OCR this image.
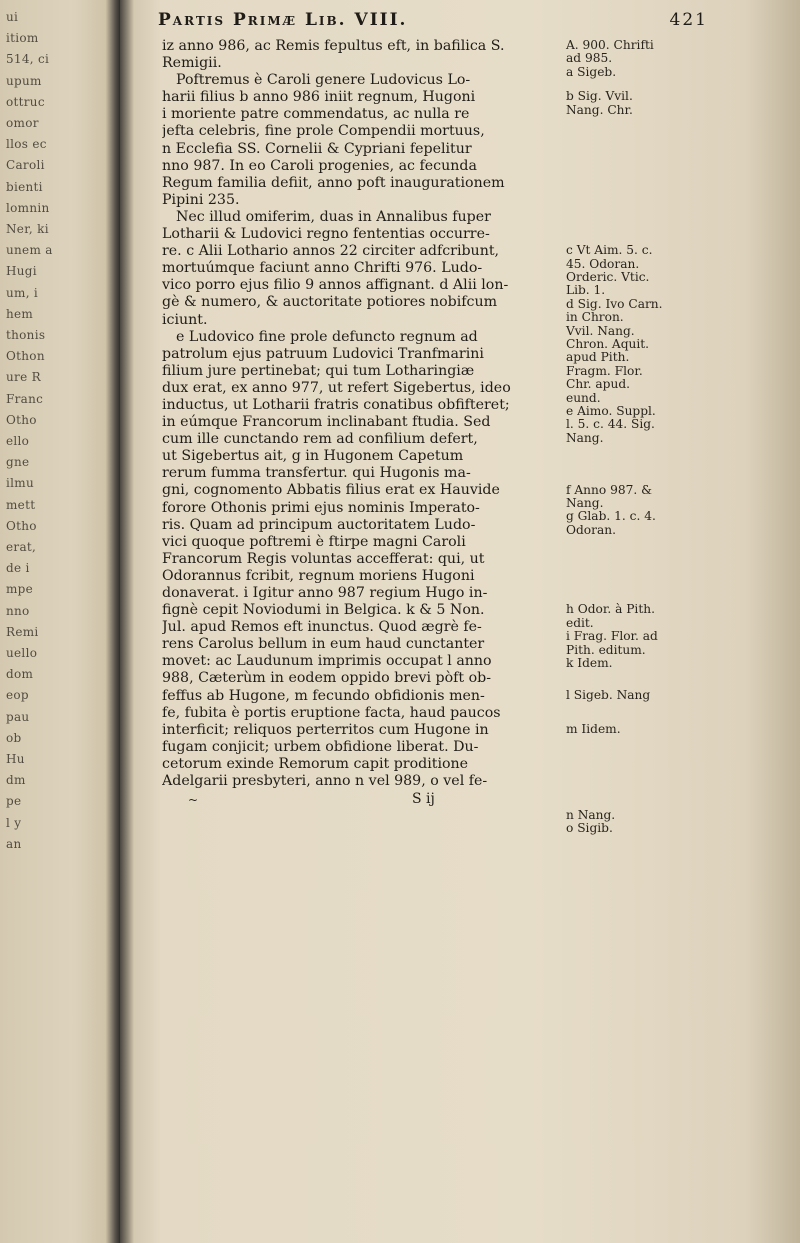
ui
itiom
514, ci
upum
ottruc
omor
llos ec
Caroli
bienti
lomnin
Ner, ki
unem a
Hugi
um, i
hem
thonis
Othon
ure R
Franc
Otho
ello
gne
ilmu
mett
Otho
erat,
de i
mpe
nno
Remi
uello
dom
eop
pau
ob
Hu
dm
pe
l y
an
Partis Primæ Lib. VIII.	421
iz anno 986, ac Remis fepultus eft, in bafilica S.
Remigii.
Poftremus è Caroli genere Ludovicus Lo-
harii filius b anno 986 iniit regnum, Hugoni
i moriente patre commendatus, ac nulla re
jefta celebris, fine prole Compendii mortuus,
n Ecclefia SS. Cornelii & Cypriani fepelitur
nno 987. In eo Caroli progenies, ac fecunda
Regum familia defiit, anno poft inaugurationem
Pipini 235.
Nec illud omiferim, duas in Annalibus fuper
Lotharii & Ludovici regno fententias occurre-
re. c Alii Lothario annos 22 circiter adfcribunt,
mortuúmque faciunt anno Chrifti 976. Ludo-
vico porro ejus filio 9 annos affignant. d Alii lon-
gè & numero, & auctoritate potiores nobifcum
iciunt.
e Ludovico fine prole defuncto regnum ad
patrolum ejus patruum Ludovici Tranfmarini
filium jure pertinebat; qui tum Lotharingiæ
dux erat, ex anno 977, ut refert Sigebertus, ideo
inductus, ut Lotharii fratris conatibus obfifteret;
in eúmque Francorum inclinabant ftudia. Sed
cum ille cunctando rem ad confilium defert,
ut Sigebertus ait, g in Hugonem Capetum
rerum fumma transfertur. qui Hugonis ma-
gni, cognomento Abbatis filius erat ex Hauvide
forore Othonis primi ejus nominis Imperato-
ris. Quam ad principum auctoritatem Ludo-
vici quoque poftremi è ftirpe magni Caroli
Francorum Regis voluntas accefferat: qui, ut
Odorannus fcribit, regnum moriens Hugoni
donaverat. i Igitur anno 987 regium Hugo in-
fignè cepit Noviodumi in Belgica. k & 5 Non.
Jul. apud Remos eft inunctus. Quod ægrè fe-
rens Carolus bellum in eum haud cunctanter
movet: ac Laudunum imprimis occupat l anno
988, Cæterùm in eodem oppido brevi pòft ob-
feffus ab Hugone, m fecundo obfidionis men-
fe, fubita è portis eruptione facta, haud paucos
interficit; reliquos perterritos cum Hugone in
fugam conjicit; urbem obfidione liberat. Du-
cetorum exinde Remorum capit proditione
Adelgarii presbyteri, anno n vel 989, o vel fe-
A. 900. Chrifti
ad 985.
a Sigeb.
b Sig. Vvil.
Nang. Chr.
c Vt Aim. 5. c.
45. Odoran.
Orderic. Vtic.
Lib. 1.
d Sig. Ivo Carn.
in Chron.
Vvil. Nang.
Chron. Aquit.
apud Pith.
Fragm. Flor.
Chr. apud.
eund.
e Aimo. Suppl.
l. 5. c. 44. Sig.
Nang.
f Anno 987. &
Nang.
g Glab. 1. c. 4.
Odoran.
h Odor. à Pith.
edit.
i Frag. Flor. ad
Pith. editum.
k Idem.
l Sigeb. Nang
m Iidem.
n Nang.
o Sigib.
~	S ij
